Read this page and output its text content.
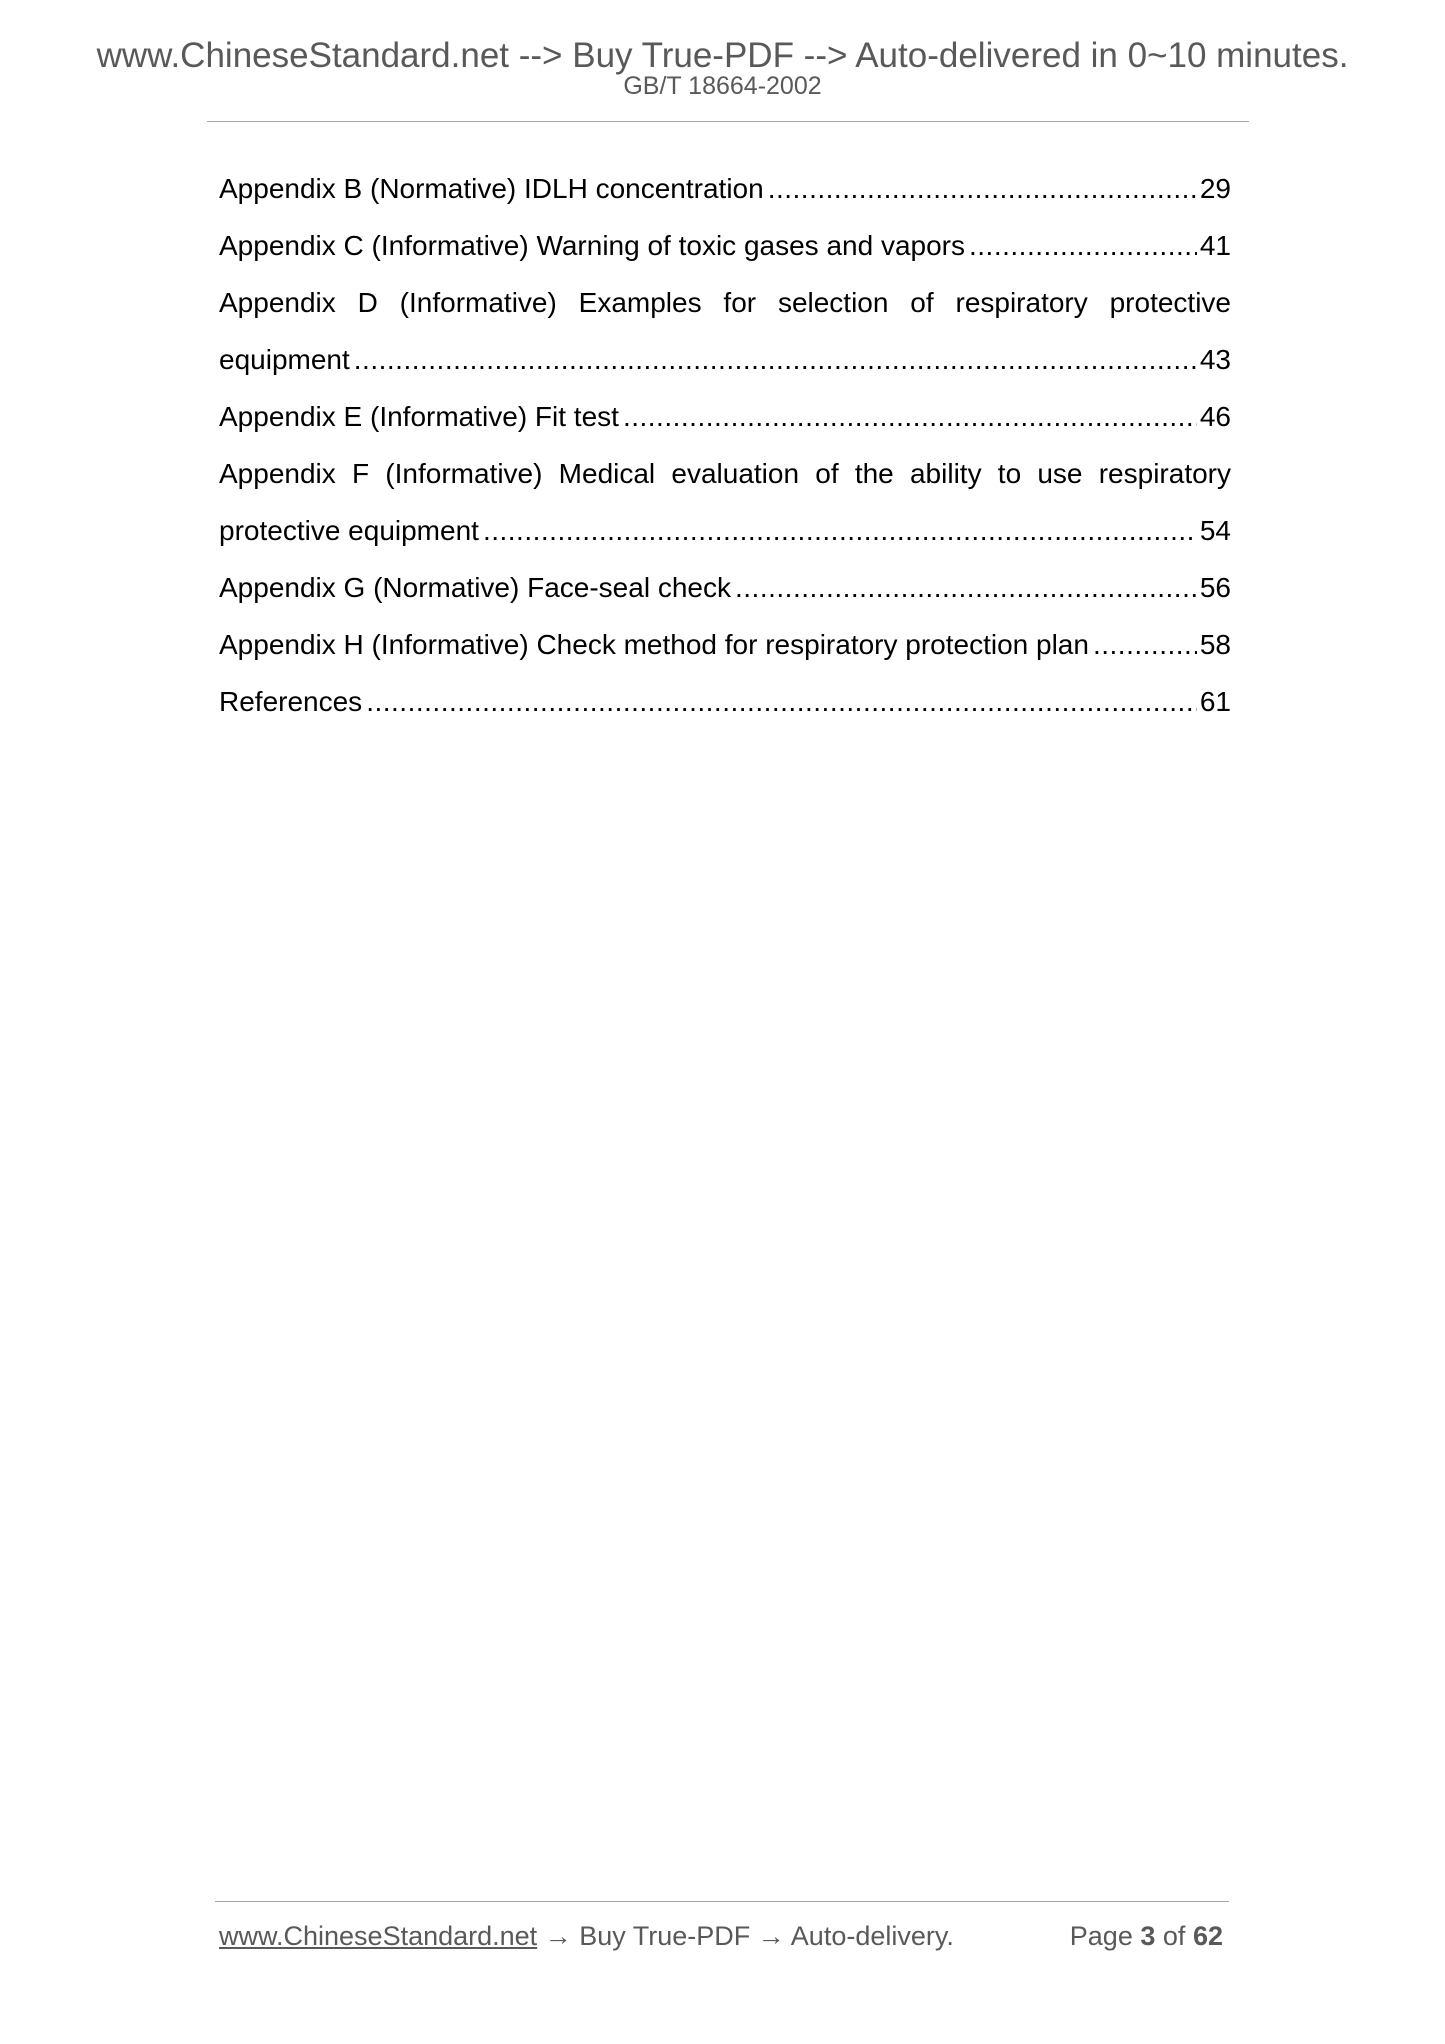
www.ChineseStandard.net --> Buy True-PDF --> Auto-delivered in 0~10 minutes.
GB/T 18664-2002
Appendix B (Normative) IDLH concentration .....	29
Appendix C (Informative) Warning of toxic gases and vapors .....	41
Appendix D (Informative) Examples for selection of respiratory protective
equipment .....	43
Appendix E (Informative) Fit test .....	46
Appendix F (Informative) Medical evaluation of the ability to use respiratory
protective equipment .....	54
Appendix G (Normative) Face-seal check .....	56
Appendix H (Informative) Check method for respiratory protection plan .....	58
References .....	61
www.ChineseStandard.net → Buy True-PDF → Auto-delivery.	Page 3 of 62
